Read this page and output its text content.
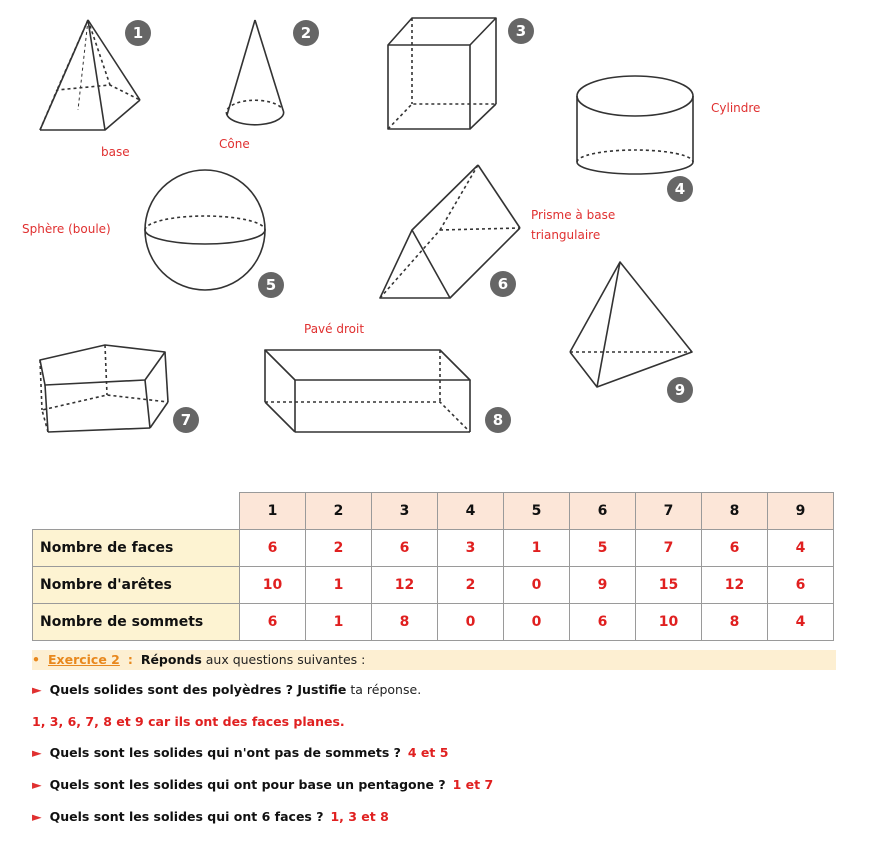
base
Cône
Cylindre
Sphère (boule)
Prisme à base
triangulaire
Pavé droit
1	2	3
4
5	6
7	8
9
	1	2	3	4	5	6	7	8	9
Nombre de faces	6	2	6	3	1	5	7	6	4
Nombre d'arêtes	10	1	12	2	0	9	15	12	6
Nombre de sommets	6	1	8	0	0	6	10	8	4
• Exercice 2 : Réponds aux questions suivantes :
► Quels solides sont des polyèdres ? Justifie ta réponse.
1, 3, 6, 7, 8 et 9 car ils ont des faces planes.
► Quels sont les solides qui n'ont pas de sommets ? 4 et 5
► Quels sont les solides qui ont pour base un pentagone ? 1 et 7
► Quels sont les solides qui ont 6 faces ? 1, 3 et 8
